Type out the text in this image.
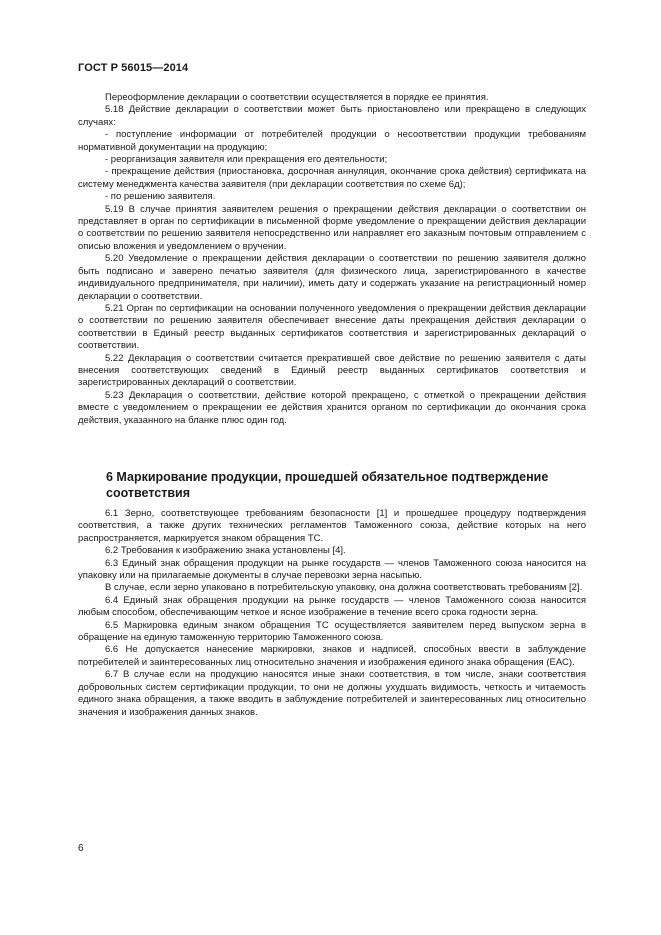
ГОСТ Р 56015—2014

Переоформление декларации о соответствии осуществляется в порядке ее принятия.

5.18 Действие декларации о соответствии может быть приостановлено или прекращено в следующих случаях:

- поступление информации от потребителей продукции о несоответствии продукции требованиям нормативной документации на продукцию;

- реорганизация заявителя или прекращения его деятельности;

- прекращение действия (приостановка, досрочная аннуляция, окончание срока действия) сертификата на систему менеджмента качества заявителя (при декларации соответствия по схеме 6д);

- по решению заявителя.

5.19 В случае принятия заявителем решения о прекращении действия декларации о соответствии он представляет в орган по сертификации в письменной форме уведомление о прекращении действия декларации о соответствии по решению заявителя непосредственно или направляет его заказным почтовым отправлением с описью вложения и уведомлением о вручении.

5.20 Уведомление о прекращении действия декларации о соответствии по решению заявителя должно быть подписано и заверено печатью заявителя (для физического лица, зарегистрированного в качестве индивидуального предпринимателя, при наличии), иметь дату и содержать указание на регистрационный номер декларации о соответствии.

5.21 Орган по сертификации на основании полученного уведомления о прекращении действия декларации о соответствии по решению заявителя обеспечивает внесение даты прекращения действия декларации о соответствии в Единый реестр выданных сертификатов соответствия и зарегистрированных деклараций о соответствии.

5.22 Декларация о соответствии считается прекратившей свое действие по решению заявителя с даты внесения соответствующих сведений в Единый реестр выданных сертификатов соответствия и зарегистрированных деклараций о соответствии.

5.23 Декларация о соответствии, действие которой прекращено, с отметкой о прекращении действия вместе с уведомлением о прекращении ее действия хранится органом по сертификации до окончания срока действия, указанного на бланке плюс один год.

6 Маркирование продукции, прошедшей обязательное подтверждение соответствия

6.1 Зерно, соответствующее требованиям безопасности [1] и прошедшее процедуру подтверждения соответствия, а также других технических регламентов Таможенного союза, действие которых на него распространяется, маркируется знаком обращения ТС.

6.2 Требования к изображению знака установлены [4].

6.3 Единый знак обращения продукции на рынке государств — членов Таможенного союза наносится на упаковку или на прилагаемые документы в случае перевозки зерна насыпью.

В случае, если зерно упаковано в потребительскую упаковку, она должна соответствовать требованиям [2].

6.4 Единый знак обращения продукции на рынке государств — членов Таможенного союза наносится любым способом, обеспечивающим четкое и ясное изображение в течение всего срока годности зерна.

6.5 Маркировка единым знаком обращения ТС осуществляется заявителем перед выпуском зерна в обращение на единую таможенную территорию Таможенного союза.

6.6 Не допускается нанесение маркировки, знаков и надписей, способных ввести в заблуждение потребителей и заинтересованных лиц относительно значения и изображения единого знака обращения (ЕАС).

6.7 В случае если на продукцию наносятся иные знаки соответствия, в том числе, знаки соответствия добровольных систем сертификации продукции, то они не должны ухудшать видимость, четкость и читаемость единого знака обращения, а также вводить в заблуждение потребителей и заинтересованных лиц относительно значения и изображения данных знаков.

6
